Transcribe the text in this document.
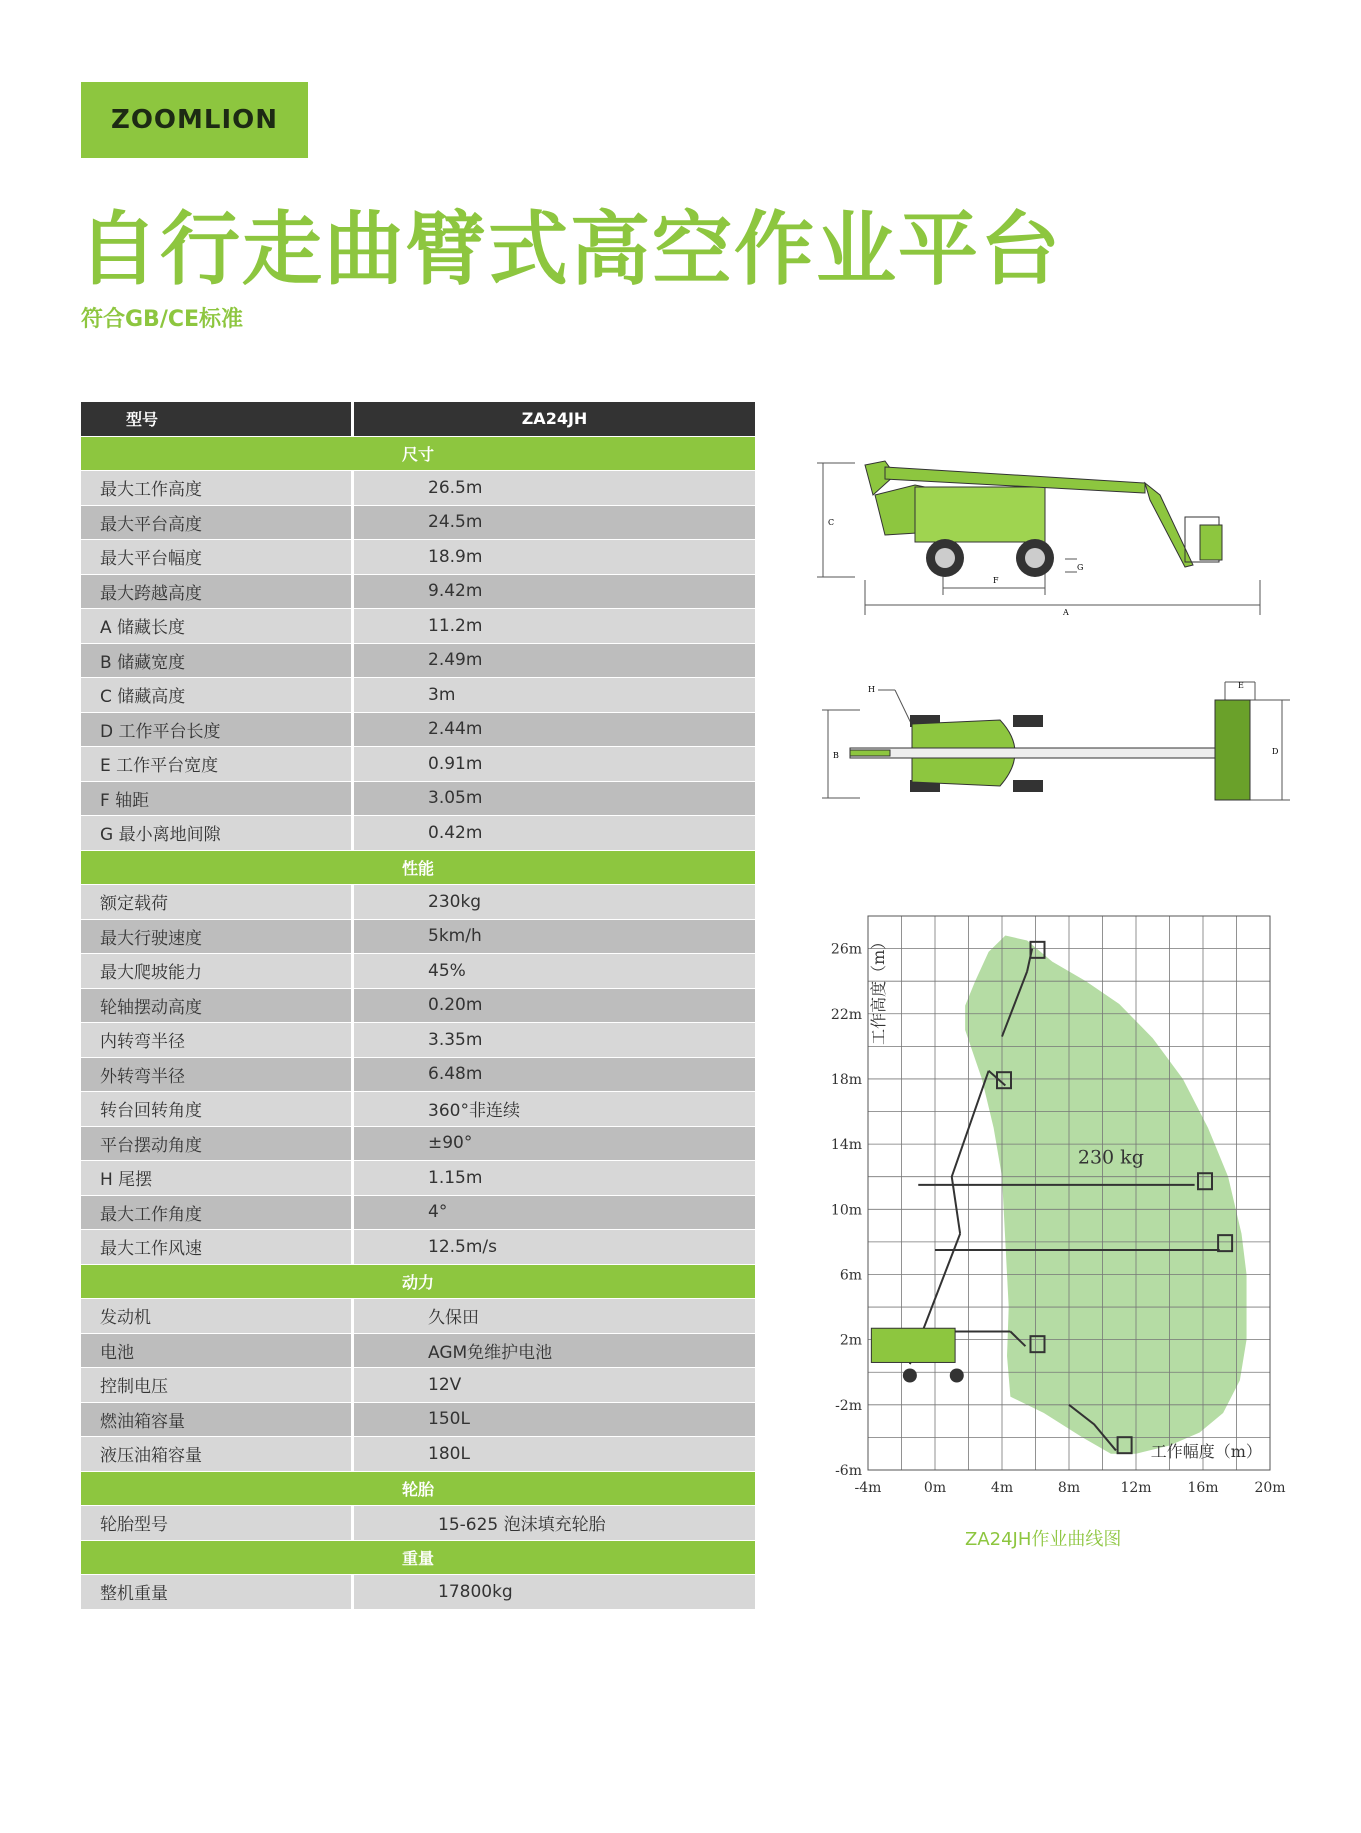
ZOOMLION
自行走曲臂式高空作业平台
符合GB/CE标准
型号	ZA24JH
尺寸
最大工作高度	26.5m
最大平台高度	24.5m
最大平台幅度	18.9m
最大跨越高度	9.42m
A 储藏长度	11.2m
B 储藏宽度	2.49m
C 储藏高度	3m
D 工作平台长度	2.44m
E 工作平台宽度	0.91m
F 轴距	3.05m
G 最小离地间隙	0.42m
性能
额定载荷	230kg
最大行驶速度	5km/h
最大爬坡能力	45%
轮轴摆动高度	0.20m
内转弯半径	3.35m
外转弯半径	6.48m
转台回转角度	360°非连续
平台摆动角度	±90°
H 尾摆	1.15m
最大工作角度	4°
最大工作风速	12.5m/s
动力
发动机	久保田
电池	AGM免维护电池
控制电压	12V
燃油箱容量	150L
液压油箱容量	180L
轮胎
轮胎型号	15-625 泡沫填充轮胎
重量
整机重量	17800kg
C
F
A
G
B	D
E
H
-4m	0m	4m	8m	12m	16m	20m
-6m
-2m
2m
6m
10m
14m
18m
22m
26m 工作高度（m）
工作幅度（m）
230 kg
ZA24JH作业曲线图
